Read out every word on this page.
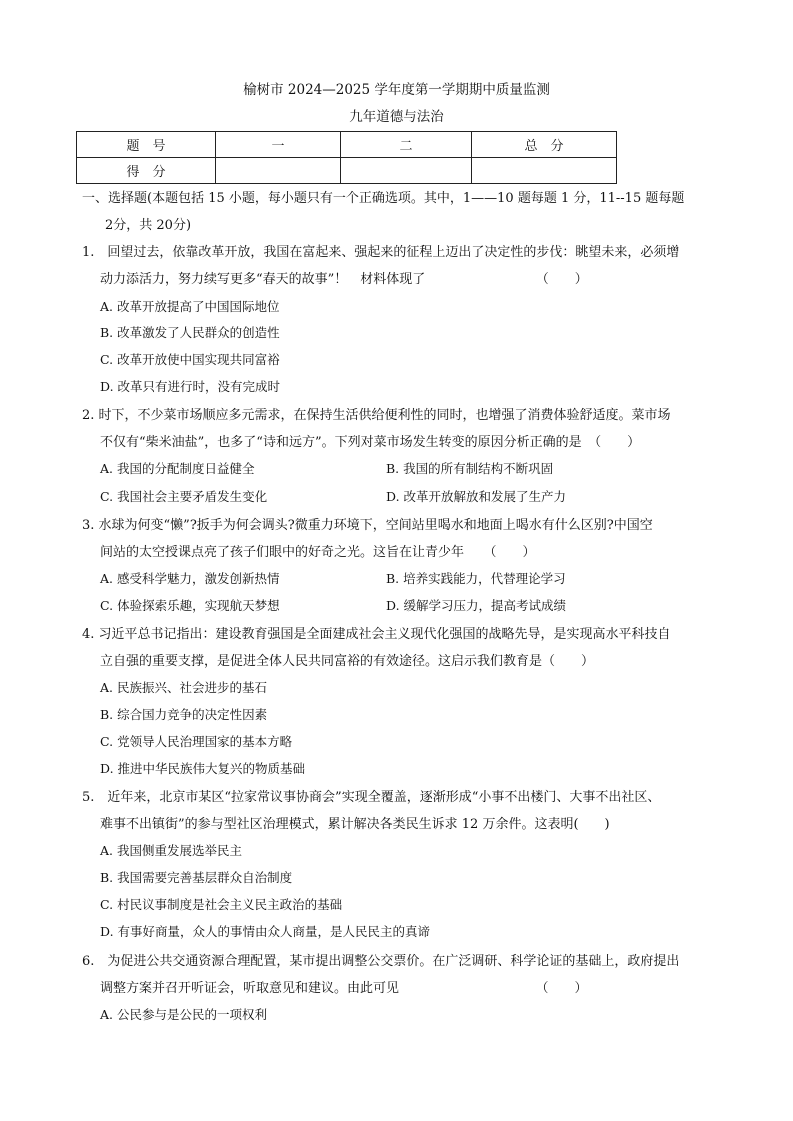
榆树市 2024—2025 学年度第一学期期中质量监测
九年道德与法治
题　号	一	二	总　分
得　分			
一、选择题(本题包括 15 小题，每小题只有一个正确选项。其中，1——10 题每题 1 分，11--15 题每题
2分，共 20分)
1.　回望过去，依靠改革开放，我国在富起来、强起来的征程上迈出了决定性的步伐：眺望未来，必须增
动力添活力，努力续写更多“春天的故事”！　材料体现了　　　　　　　　　（　　）
A. 改革开放提高了中国国际地位
B. 改革激发了人民群众的创造性
C. 改革开放使中国实现共同富裕
D. 改革只有进行时，没有完成时
2. 时下，不少菜市场顺应多元需求，在保持生活供给便利性的同时，也增强了消费体验舒适度。菜市场
不仅有“柴米油盐”，也多了“诗和远方”。下列对菜市场发生转变的原因分析正确的是　（　　）
A. 我国的分配制度日益健全	B. 我国的所有制结构不断巩固
C. 我国社会主要矛盾发生变化	D. 改革开放解放和发展了生产力
3. 水球为何变“懒”?扳手为何会调头?微重力环境下，空间站里喝水和地面上喝水有什么区别?中国空
间站的太空授课点亮了孩子们眼中的好奇之光。这旨在让青少年　　（　　）
A. 感受科学魅力，激发创新热情	B. 培养实践能力，代替理论学习
C. 体验探索乐趣，实现航天梦想	D. 缓解学习压力，提高考试成绩
4. 习近平总书记指出：建设教育强国是全面建成社会主义现代化强国的战略先导，是实现高水平科技自
立自强的重要支撑，是促进全体人民共同富裕的有效途径。这启示我们教育是（　　）
A. 民族振兴、社会进步的基石
B. 综合国力竞争的决定性因素
C. 党领导人民治理国家的基本方略
D. 推进中华民族伟大复兴的物质基础
5.　近年来，北京市某区“拉家常议事协商会”实现全覆盖，逐渐形成“小事不出楼门、大事不出社区、
难事不出镇街”的参与型社区治理模式，累计解决各类民生诉求 12 万余件。这表明(　　)
A. 我国侧重发展选举民主
B. 我国需要完善基层群众自治制度
C. 村民议事制度是社会主义民主政治的基础
D. 有事好商量，众人的事情由众人商量，是人民民主的真谛
6.　为促进公共交通资源合理配置，某市提出调整公交票价。在广泛调研、科学论证的基础上，政府提出
调整方案并召开听证会，听取意见和建议。由此可见　　　　　　　　　　　（　　）
A. 公民参与是公民的一项权利
